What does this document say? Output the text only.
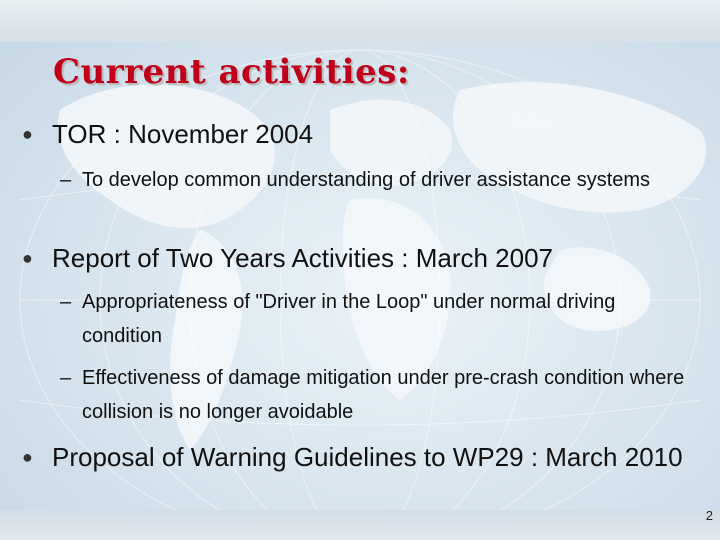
Current activities:
● TOR : November 2004
– To develop common understanding of driver assistance systems
● Report of Two Years Activities : March 2007
– Appropriateness of "Driver in the Loop" under normal driving condition
– Effectiveness of damage mitigation under pre-crash condition where collision is no longer avoidable
● Proposal of Warning Guidelines to WP29 : March 2010
2
